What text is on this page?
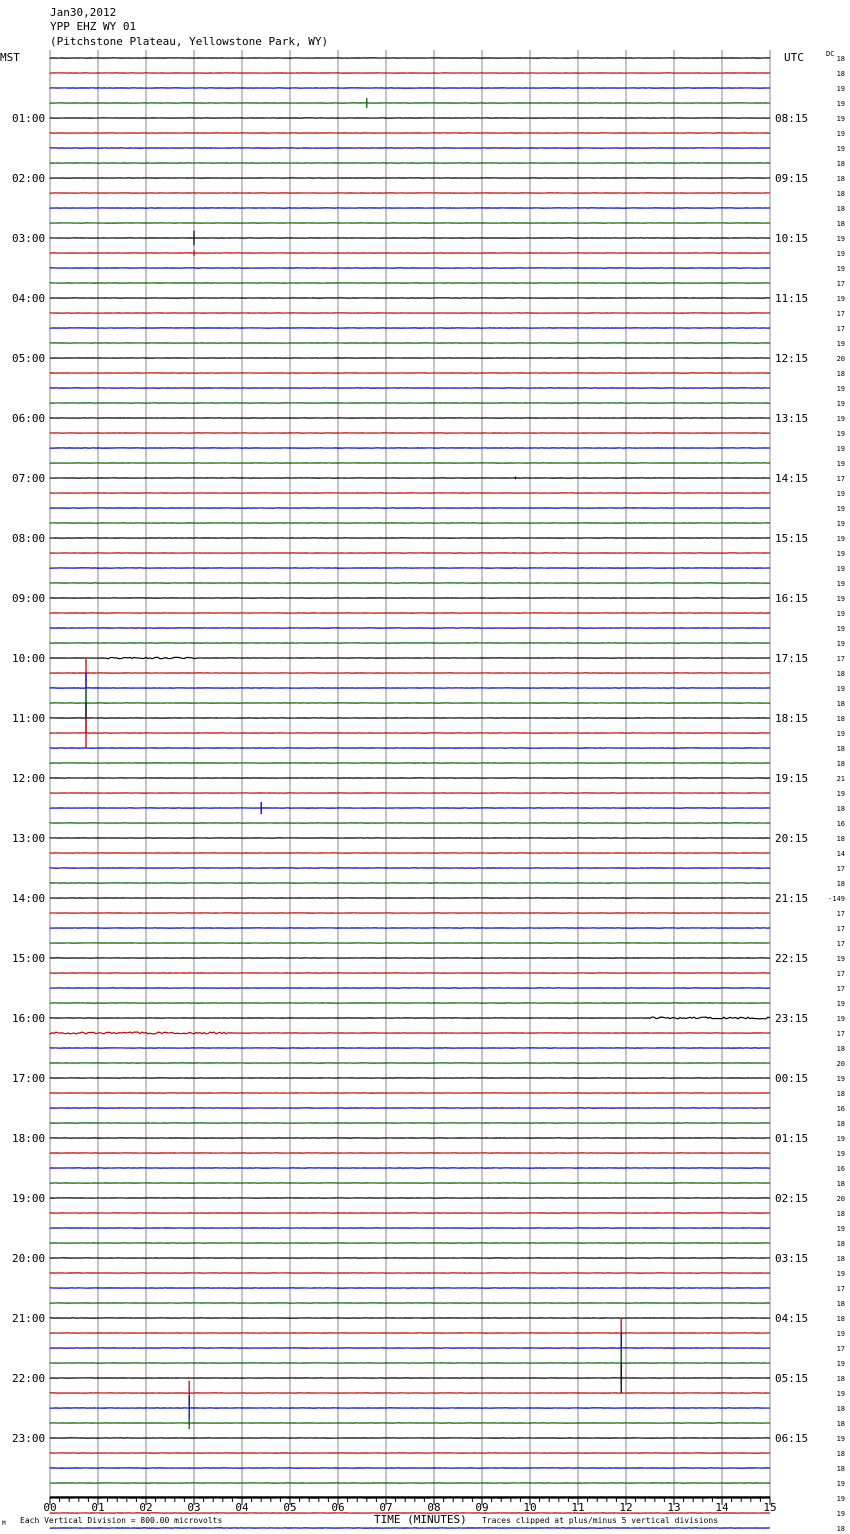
Jan30,2012
YPP EHZ WY 01
(Pitchstone Plateau, Yellowstone Park, WY)
MST	UTC	DC
01:00
02:00
03:00
04:00
05:00
06:00
07:00
08:00
09:00
10:00
11:00
12:00
13:00
14:00
15:00
16:00
17:00
18:00
19:00
20:00
21:00
22:00
23:00
08:15
09:15
10:15
11:15
12:15
13:15
14:15
15:15
16:15
17:15
18:15
19:15
20:15
21:15
22:15
23:15
00:15
01:15
02:15
03:15
04:15
05:15
06:15
18
18
19
19
19
19
19
18
18
18
18
18
19
19
19
17
19
17
17
19
20
18
19
19
19
19
19
19
17
19
19
19
19
19
19
19
19
19
19
19
17
18
19
18
18
19
18
18
21
19
18
16
18
14
17
18
-149
17
17
17
19
17
17
19
19
17
18
20
19
18
16
18
19
19
16
18
20
18
19
18
18
19
17
18
18
19
17
19
18
19
18
18
19
18
18
19
19
19
18
00	01	02	03	04	05	06	07	08	09	10	11	12	13	14	15
M Each Vertical Division = 800.00 microvolts	TIME (MINUTES) Traces clipped at plus/minus 5 vertical divisions
